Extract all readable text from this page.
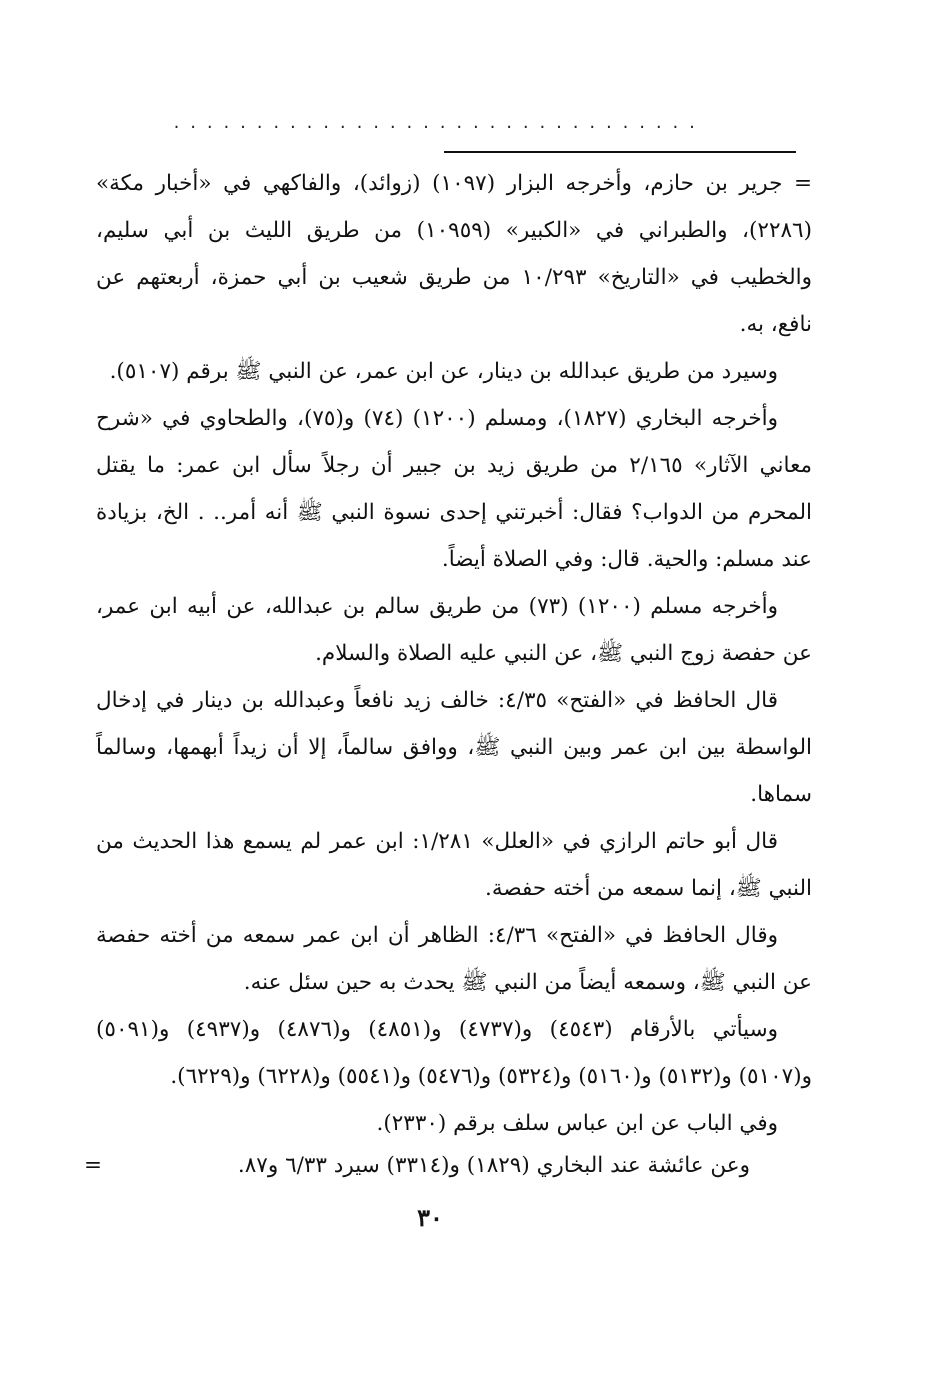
................................

= جرير بن حازم، وأخرجه البزار (١٠٩٧) (زوائد)، والفاكهي في «أخبار مكة» (٢٢٨٦)، والطبراني في «الكبير» (١٠٩٥٩) من طريق الليث بن أبي سليم، والخطيب في «التاريخ» ١٠/٢٩٣ من طريق شعيب بن أبي حمزة، أربعتهم عن نافع، به.

وسيرد من طريق عبدالله بن دينار، عن ابن عمر، عن النبي ﷺ برقم (٥١٠٧).

وأخرجه البخاري (١٨٢٧)، ومسلم (١٢٠٠) (٧٤) و(٧٥)، والطحاوي في «شرح معاني الآثار» ٢/١٦٥ من طريق زيد بن جبير أن رجلاً سأل ابن عمر: ما يقتل المحرم من الدواب؟ فقال: أخبرتني إحدى نسوة النبي ﷺ أنه أمر.. . الخ، بزيادة عند مسلم: والحية. قال: وفي الصلاة أيضاً.

وأخرجه مسلم (١٢٠٠) (٧٣) من طريق سالم بن عبدالله، عن أبيه ابن عمر، عن حفصة زوج النبي ﷺ، عن النبي عليه الصلاة والسلام.

قال الحافظ في «الفتح» ٤/٣٥: خالف زيد نافعاً وعبدالله بن دينار في إدخال الواسطة بين ابن عمر وبين النبي ﷺ، ووافق سالماً، إلا أن زيداً أبهمها، وسالماً سماها.

قال أبو حاتم الرازي في «العلل» ١/٢٨١: ابن عمر لم يسمع هذا الحديث من النبي ﷺ، إنما سمعه من أخته حفصة.

وقال الحافظ في «الفتح» ٤/٣٦: الظاهر أن ابن عمر سمعه من أخته حفصة عن النبي ﷺ، وسمعه أيضاً من النبي ﷺ يحدث به حين سئل عنه.

وسيأتي بالأرقام (٤٥٤٣) و(٤٧٣٧) و(٤٨٥١) و(٤٨٧٦) و(٤٩٣٧) و(٥٠٩١) و(٥١٠٧) و(٥١٣٢) و(٥١٦٠) و(٥٣٢٤) و(٥٤٧٦) و(٥٥٤١) و(٦٢٢٨) و(٦٢٢٩).

وفي الباب عن ابن عباس سلف برقم (٢٣٣٠).

وعن عائشة عند البخاري (١٨٢٩) و(٣٣١٤) سيرد ٦/٣٣ و٨٧.
=
٣٠
